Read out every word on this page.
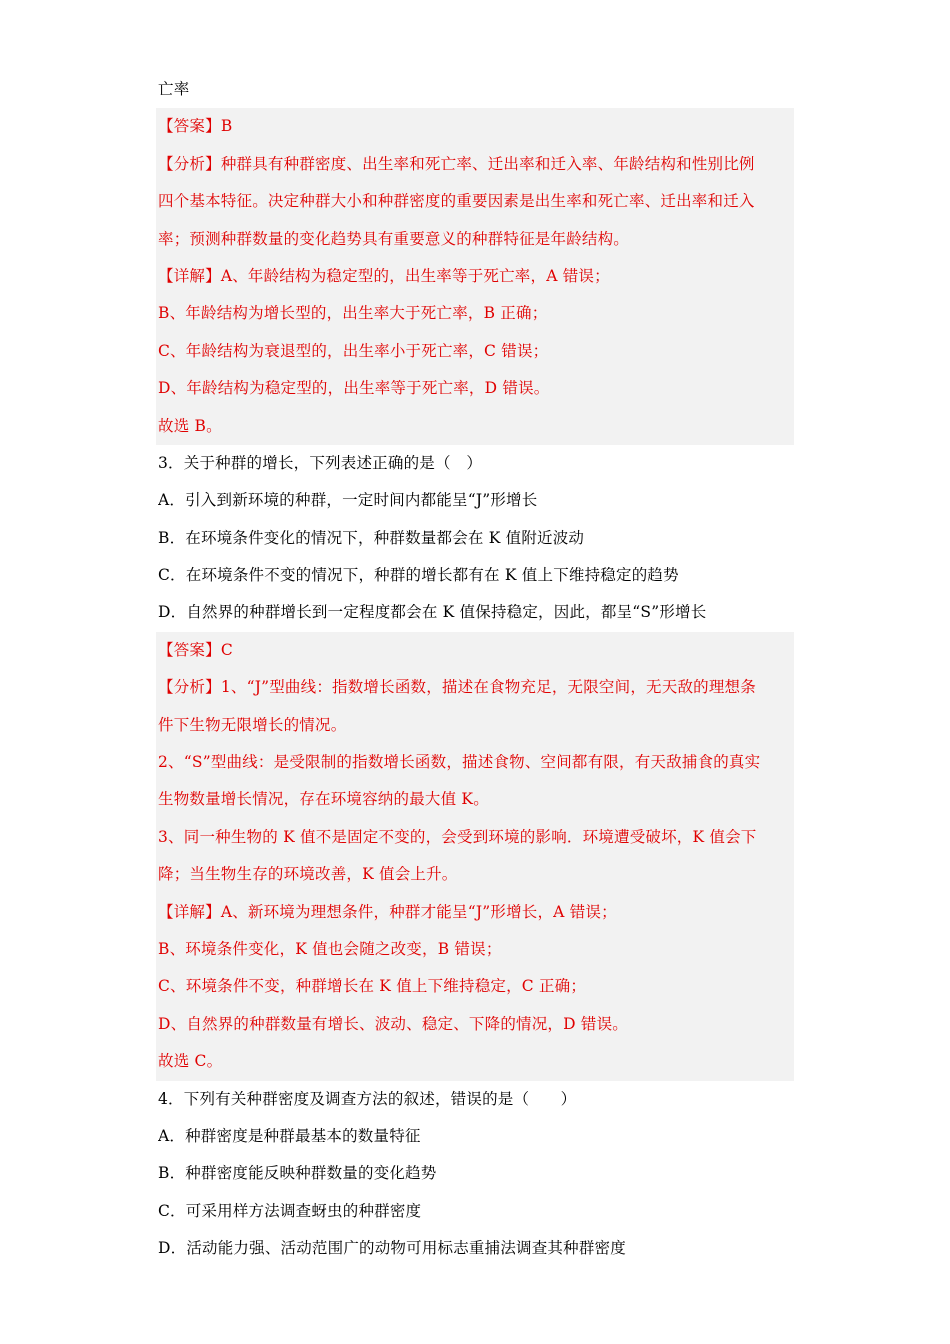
亡率
【答案】B
【分析】种群具有种群密度、出生率和死亡率、迁出率和迁入率、年龄结构和性别比例
四个基本特征。决定种群大小和种群密度的重要因素是出生率和死亡率、迁出率和迁入
率；预测种群数量的变化趋势具有重要意义的种群特征是年龄结构。
【详解】A、年龄结构为稳定型的，出生率等于死亡率，A 错误；
B、年龄结构为增长型的，出生率大于死亡率，B 正确；
C、年龄结构为衰退型的，出生率小于死亡率，C 错误；
D、年龄结构为稳定型的，出生率等于死亡率，D 错误。
故选 B。
3．关于种群的增长，下列表述正确的是（　）
A．引入到新环境的种群，一定时间内都能呈“J”形增长
B．在环境条件变化的情况下，种群数量都会在 K 值附近波动
C．在环境条件不变的情况下，种群的增长都有在 K 值上下维持稳定的趋势
D．自然界的种群增长到一定程度都会在 K 值保持稳定，因此，都呈“S”形增长
【答案】C
【分析】1、“J”型曲线：指数增长函数，描述在食物充足，无限空间，无天敌的理想条
件下生物无限增长的情况。
2、“S”型曲线：是受限制的指数增长函数，描述食物、空间都有限，有天敌捕食的真实
生物数量增长情况，存在环境容纳的最大值 K。
3、同一种生物的 K 值不是固定不变的，会受到环境的影响．环境遭受破坏，K 值会下
降；当生物生存的环境改善，K 值会上升。
【详解】A、新环境为理想条件，种群才能呈“J”形增长，A 错误；
B、环境条件变化，K 值也会随之改变，B 错误；
C、环境条件不变，种群增长在 K 值上下维持稳定，C 正确；
D、自然界的种群数量有增长、波动、稳定、下降的情况，D 错误。
故选 C。
4．下列有关种群密度及调查方法的叙述，错误的是（　　）
A．种群密度是种群最基本的数量特征
B．种群密度能反映种群数量的变化趋势
C．可采用样方法调查蚜虫的种群密度
D．活动能力强、活动范围广的动物可用标志重捕法调查其种群密度
